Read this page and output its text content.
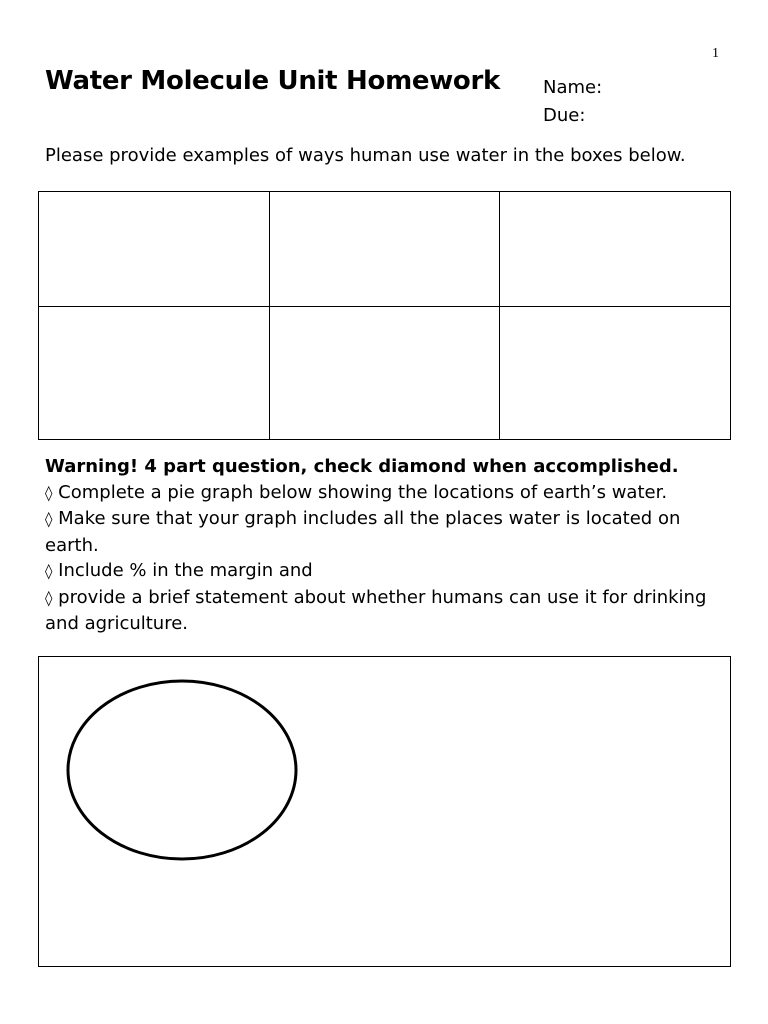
1
Water Molecule Unit Homework Name:
Due:
Please provide examples of ways human use water in the boxes below.

Warning! 4 part question, check diamond when accomplished.

◊ Complete a pie graph below showing the locations of earth’s water.

◊ Make sure that your graph includes all the places water is located on earth.

◊ Include % in the margin and

◊ provide a brief statement about whether humans can use it for drinking and agriculture.
